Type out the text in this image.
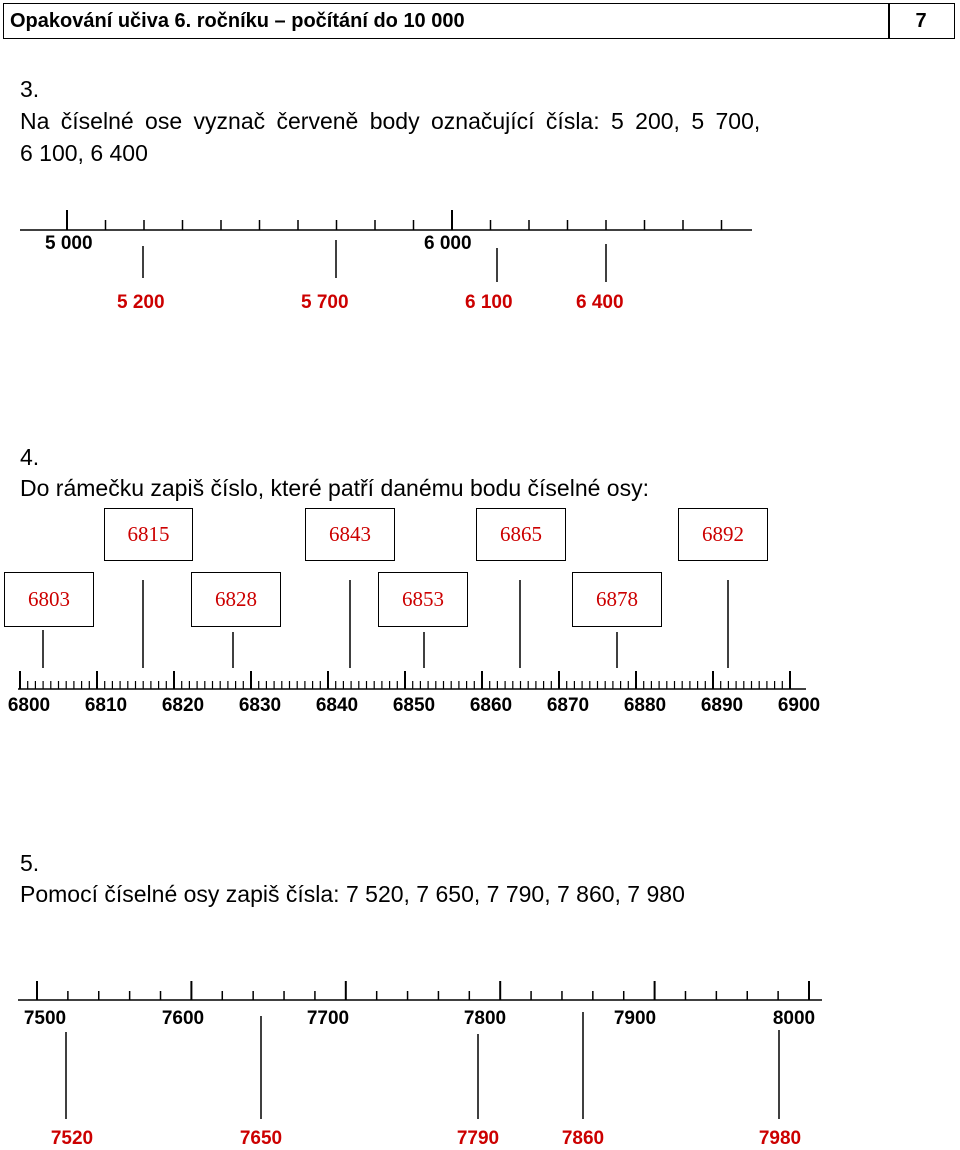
Opakování učiva 6. ročníku – počítání do 10 000	7
3.
Na číselné ose vyznač červeně body označující čísla: 5 200, 5 700,
6 100, 6 400
5 000	6 000
5 200	5 700	6 100	6 400
4.
Do rámečku zapiš číslo, které patří danému bodu číselné osy:
6815	6843	6865	6892
6803	6828	6853	6878
6800	6810	6820	6830	6840	6850	6860	6870	6880	6890	6900
5.
Pomocí číselné osy zapiš čísla: 7 520, 7 650, 7 790, 7 860, 7 980
7500	7600	7700	7800	7900	8000
7520	7650	7790	7860	7980
